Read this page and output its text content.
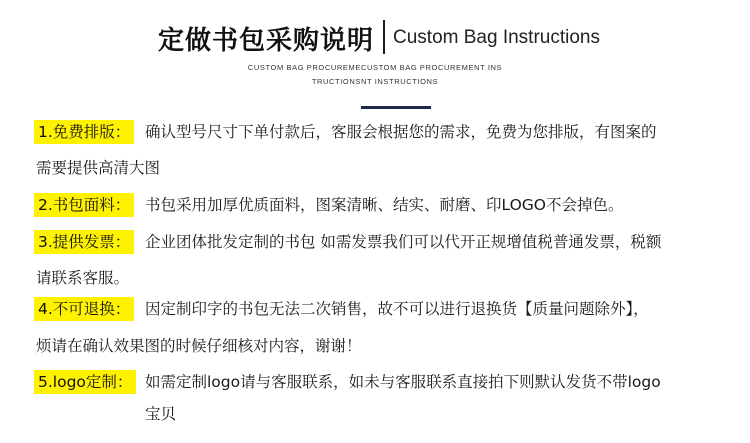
定做书包采购说明 Custom Bag Instructions
CUSTOM BAG PROCUREMECUSTOM BAG PROCUREMENT INS
TRUCTIONSNT INSTRUCTIONS
1.免费排版： 确认型号尺寸下单付款后，客服会根据您的需求，免费为您排版，有图案的
需要提供高清大图
2.书包面料： 书包采用加厚优质面料，图案清晰、结实、耐磨、印LOGO不会掉色。
3.提供发票： 企业团体批发定制的书包 如需发票我们可以代开正规增值税普通发票，税额
请联系客服。
4.不可退换： 因定制印字的书包无法二次销售，故不可以进行退换货【质量问题除外】，
烦请在确认效果图的时候仔细核对内容，谢谢！
5.logo定制： 如需定制logo请与客服联系，如未与客服联系直接拍下则默认发货不带logo
宝贝
